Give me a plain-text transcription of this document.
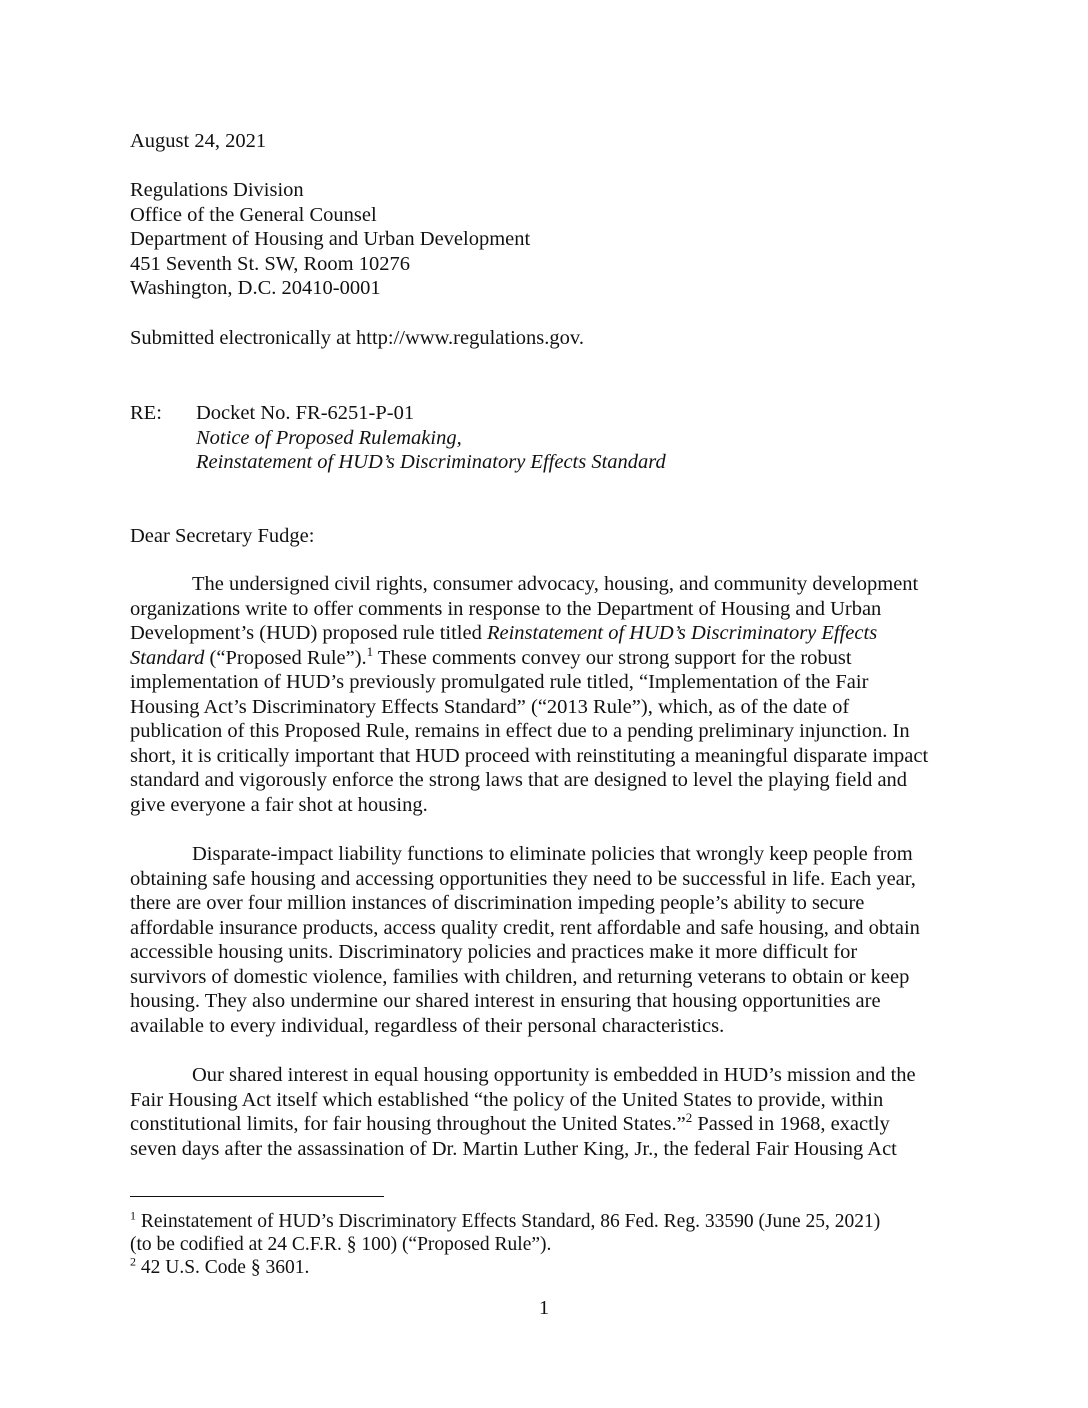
August 24, 2021
Regulations Division
Office of the General Counsel
Department of Housing and Urban Development
451 Seventh St. SW, Room 10276
Washington, D.C. 20410-0001
Submitted electronically at http://www.regulations.gov.
RE: Docket No. FR-6251-P-01
Notice of Proposed Rulemaking,
Reinstatement of HUD’s Discriminatory Effects Standard
Dear Secretary Fudge:
The undersigned civil rights, consumer advocacy, housing, and community development
organizations write to offer comments in response to the Department of Housing and Urban
Development’s (HUD) proposed rule titled Reinstatement of HUD’s Discriminatory Effects
Standard (“Proposed Rule”).$^1$ These comments convey our strong support for the robust
implementation of HUD’s previously promulgated rule titled, “Implementation of the Fair
Housing Act’s Discriminatory Effects Standard” (“2013 Rule”), which, as of the date of
publication of this Proposed Rule, remains in effect due to a pending preliminary injunction. In
short, it is critically important that HUD proceed with reinstituting a meaningful disparate impact
standard and vigorously enforce the strong laws that are designed to level the playing field and
give everyone a fair shot at housing.
Disparate-impact liability functions to eliminate policies that wrongly keep people from
obtaining safe housing and accessing opportunities they need to be successful in life. Each year,
there are over four million instances of discrimination impeding people’s ability to secure
affordable insurance products, access quality credit, rent affordable and safe housing, and obtain
accessible housing units. Discriminatory policies and practices make it more difficult for
survivors of domestic violence, families with children, and returning veterans to obtain or keep
housing. They also undermine our shared interest in ensuring that housing opportunities are
available to every individual, regardless of their personal characteristics.
Our shared interest in equal housing opportunity is embedded in HUD’s mission and the
Fair Housing Act itself which established “the policy of the United States to provide, within
constitutional limits, for fair housing throughout the United States.”$^2$ Passed in 1968, exactly
seven days after the assassination of Dr. Martin Luther King, Jr., the federal Fair Housing Act
$^1$ Reinstatement of HUD’s Discriminatory Effects Standard, 86 Fed. Reg. 33590 (June 25, 2021)
(to be codified at 24 C.F.R. § 100) (“Proposed Rule”).
$^2$ 42 U.S. Code § 3601.
1
